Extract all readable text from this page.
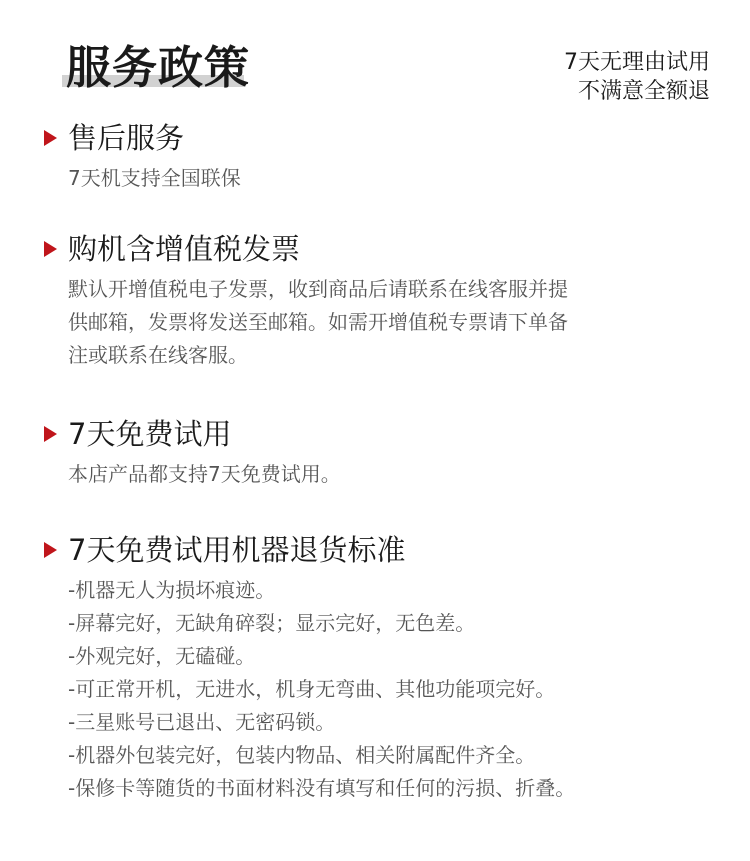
服务政策	7天无理由试用
不满意全额退
售后服务
7天机支持全国联保
购机含增值税发票
默认开增值税电子发票，收到商品后请联系在线客服并提
供邮箱，发票将发送至邮箱。如需开增值税专票请下单备
注或联系在线客服。
7天免费试用
本店产品都支持7天免费试用。
7天免费试用机器退货标准
-机器无人为损坏痕迹。
-屏幕完好，无缺角碎裂；显示完好，无色差。
-外观完好，无磕碰。
-可正常开机，无进水，机身无弯曲、其他功能项完好。
-三星账号已退出、无密码锁。
-机器外包装完好，包装内物品、相关附属配件齐全。
-保修卡等随货的书面材料没有填写和任何的污损、折叠。
